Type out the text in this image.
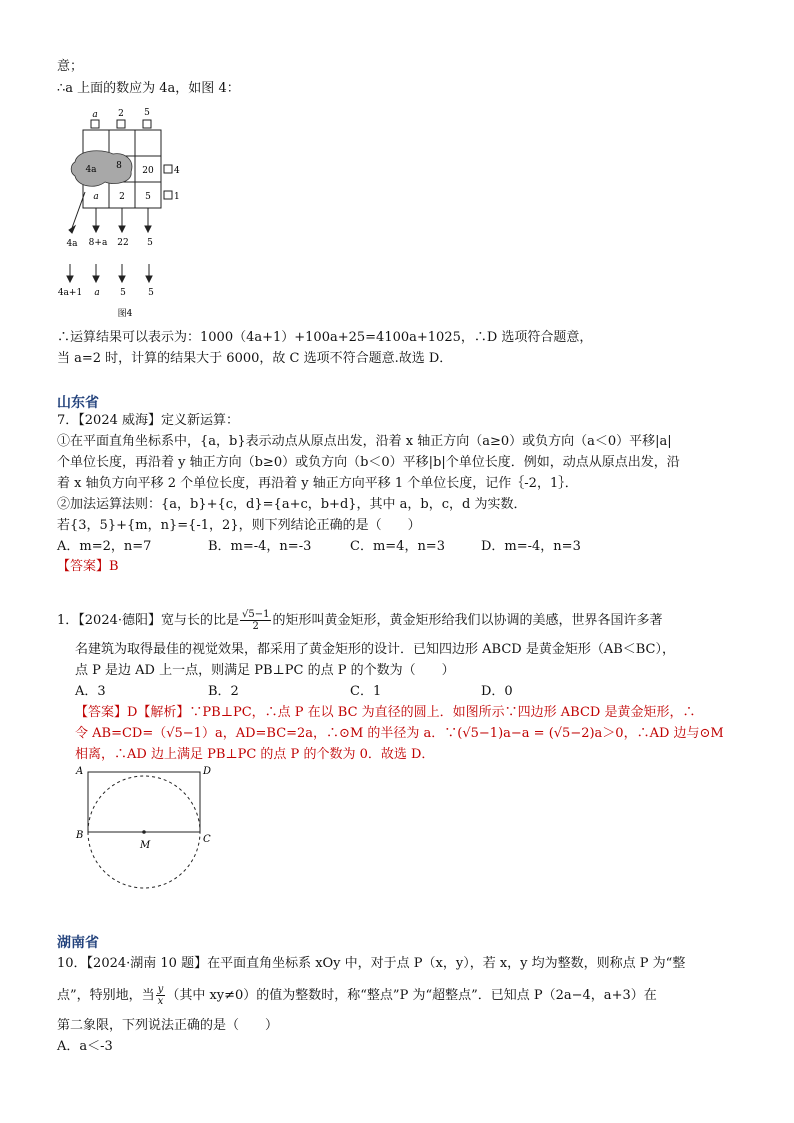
意；
∴a 上面的数应为 4a，如图 4：
a 2 5
4a 8 20
a 2 5
4
1
4a 8+a 22 5
4a+1 a 5 5
图4
∴运算结果可以表示为：1000（4a+1）+100a+25=4100a+1025，∴D 选项符合题意，
当 a=2 时，计算的结果大于 6000，故 C 选项不符合题意.故选 D．
山东省
7．【2024 威海】定义新运算：
①在平面直角坐标系中，{a，b}表示动点从原点出发，沿着 x 轴正方向（a≥0）或负方向（a＜0）平移|a|
个单位长度，再沿着 y 轴正方向（b≥0）或负方向（b＜0）平移|b|个单位长度．例如，动点从原点出发，沿
着 x 轴负方向平移 2 个单位长度，再沿着 y 轴正方向平移 1 个单位长度，记作｛-2，1｝．
②加法运算法则：{a，b}+{c，d}={a+c，b+d}，其中 a，b，c，d 为实数．
若{3，5}+{m，n}={-1，2}，则下列结论正确的是（　　）
A．m=2，n=7	B．m=-4，n=-3	C．m=4，n=3	D．m=-4，n=3
【答案】B
1．【2024·德阳】宽与长的比是 $\frac{√5-1}{2}$ 的矩形叫黄金矩形，黄金矩形给我们以协调的美感，世界各国许多著
名建筑为取得最佳的视觉效果，都采用了黄金矩形的设计．已知四边形 ABCD 是黄金矩形（AB＜BC），
点 P 是边 AD 上一点，则满足 PB⊥PC 的点 P 的个数为（　　）
A．3	B．2	C．1	D．0
【答案】D【解析】∵PB⊥PC，∴点 P 在以 BC 为直径的圆上．如图所示∵四边形 ABCD 是黄金矩形，∴
令 AB=CD=（√5−1）a，AD=BC=2a，∴⊙M 的半径为 a．∵(√5−1)a−a = (√5−2)a＞0，∴AD 边与⊙M
相离，∴AD 边上满足 PB⊥PC 的点 P 的个数为 0．故选 D．
A	D
B	C
M
湖南省
10．【2024·湖南 10 题】在平面直角坐标系 xOy 中，对于点 P（x，y），若 x，y 均为整数，则称点 P 为“整
点”，特别地，当 $\frac{y}{x}$ （其中 xy≠0）的值为整数时，称“整点”P 为“超整点”．已知点 P（2a−4，a+3）在
第二象限，下列说法正确的是（　　）
A．a＜-3
